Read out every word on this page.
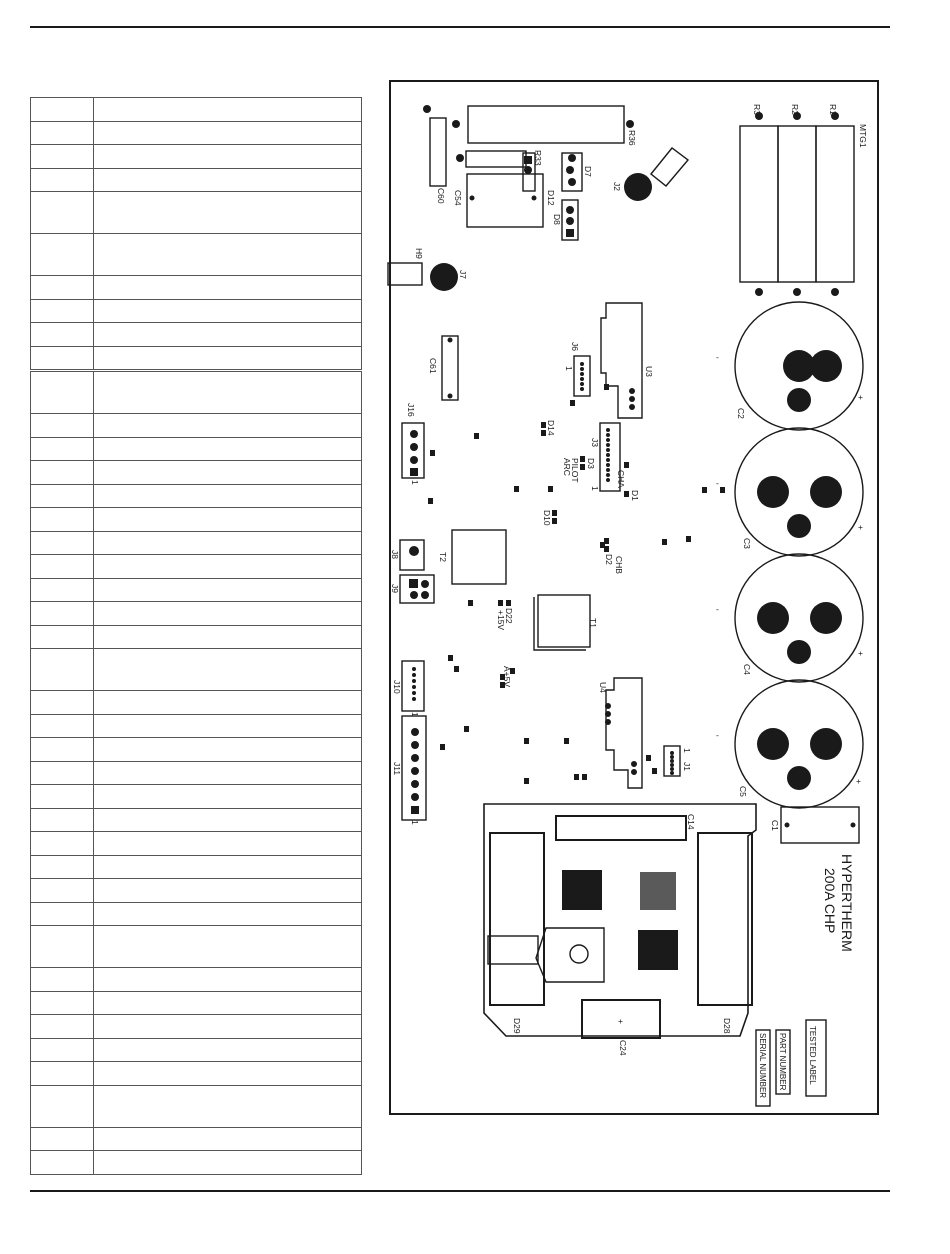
R3	R2	R1
MTG1
R36
R33
D7
D12
D8
C60 C54
J2
H9
J7
C61
J6
1	U3
C2
C3
C4
C5
C1
J16
1
D14
J3
1
D3
PILOT
ARC
CHA
D1
D10
T2	CHB
D2
J8
J9
D22
+15V	T1
J10
1
A+5V
U4
J1
1
J11
1	C14
D29	D28
C24	TESTED LABEL
PART NUMBER
SERIAL NUMBER
+
+
+
+
-
-
-
-
+
HYPERTHERM
200A CHP
